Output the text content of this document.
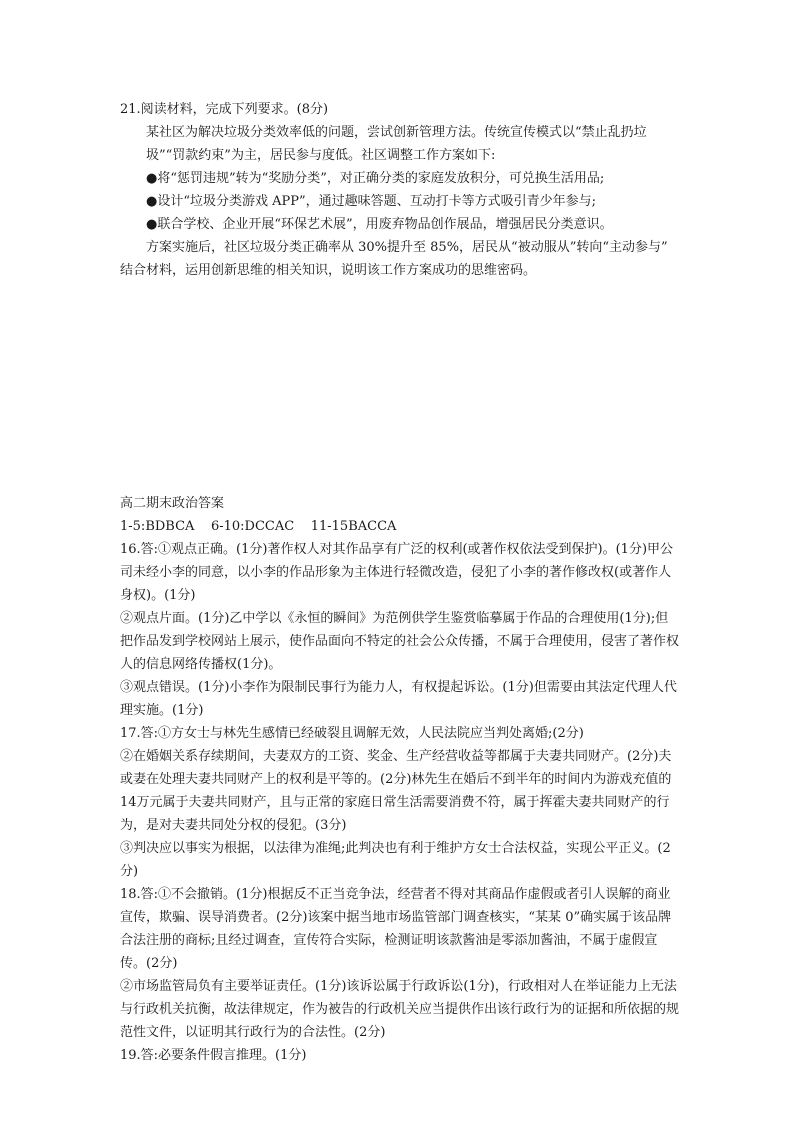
21.阅读材料，完成下列要求。(8分)

某社区为解决垃圾分类效率低的问题，尝试创新管理方法。传统宣传模式以“禁止乱扔垃圾”“罚款约束”为主，居民参与度低。社区调整工作方案如下:

●将“惩罚违规”转为“奖励分类”，对正确分类的家庭发放积分，可兑换生活用品;

●设计“垃圾分类游戏 APP”，通过趣味答题、互动打卡等方式吸引青少年参与;

●联合学校、企业开展“环保艺术展”，用废弃物品创作展品，增强居民分类意识。

方案实施后，社区垃圾分类正确率从 30%提升至 85%，居民从“被动服从”转向“主动参与”

结合材料，运用创新思维的相关知识，说明该工作方案成功的思维密码。

高二期末政治答案

1-5:BDBCA    6-10:DCCAC    11-15BACCA

16.答:①观点正确。(1分)著作权人对其作品享有广泛的权利(或著作权依法受到保护)。(1分)甲公司未经小李的同意，以小李的作品形象为主体进行轻微改造，侵犯了小李的著作修改权(或著作人身权)。(1分)

②观点片面。(1分)乙中学以《永恒的瞬间》为范例供学生鉴赏临摹属于作品的合理使用(1分);但把作品发到学校网站上展示，使作品面向不特定的社会公众传播，不属于合理使用，侵害了著作权人的信息网络传播权(1分)。

③观点错误。(1分)小李作为限制民事行为能力人，有权提起诉讼。(1分)但需要由其法定代理人代理实施。(1分)

17.答:①方女士与林先生感情已经破裂且调解无效，人民法院应当判处离婚;(2分)

②在婚姻关系存续期间，夫妻双方的工资、奖金、生产经营收益等都属于夫妻共同财产。(2分)夫或妻在处理夫妻共同财产上的权利是平等的。(2分)林先生在婚后不到半年的时间内为游戏充值的 14万元属于夫妻共同财产，且与正常的家庭日常生活需要消费不符，属于挥霍夫妻共同财产的行为，是对夫妻共同处分权的侵犯。(3分)

③判决应以事实为根据，以法律为准绳;此判决也有利于维护方女士合法权益，实现公平正义。(2分)

18.答:①不会撤销。(1分)根据反不正当竞争法，经营者不得对其商品作虚假或者引人误解的商业宣传，欺骗、误导消费者。(2分)该案中据当地市场监管部门调查核实，“某某 0”确实属于该品牌合法注册的商标;且经过调查，宣传符合实际，检测证明该款酱油是零添加酱油，不属于虚假宣传。(2分)

②市场监管局负有主要举证责任。(1分)该诉讼属于行政诉讼(1分)，行政相对人在举证能力上无法与行政机关抗衡，故法律规定，作为被告的行政机关应当提供作出该行政行为的证据和所依据的规范性文件，以证明其行政行为的合法性。(2分)

19.答:必要条件假言推理。(1分)
